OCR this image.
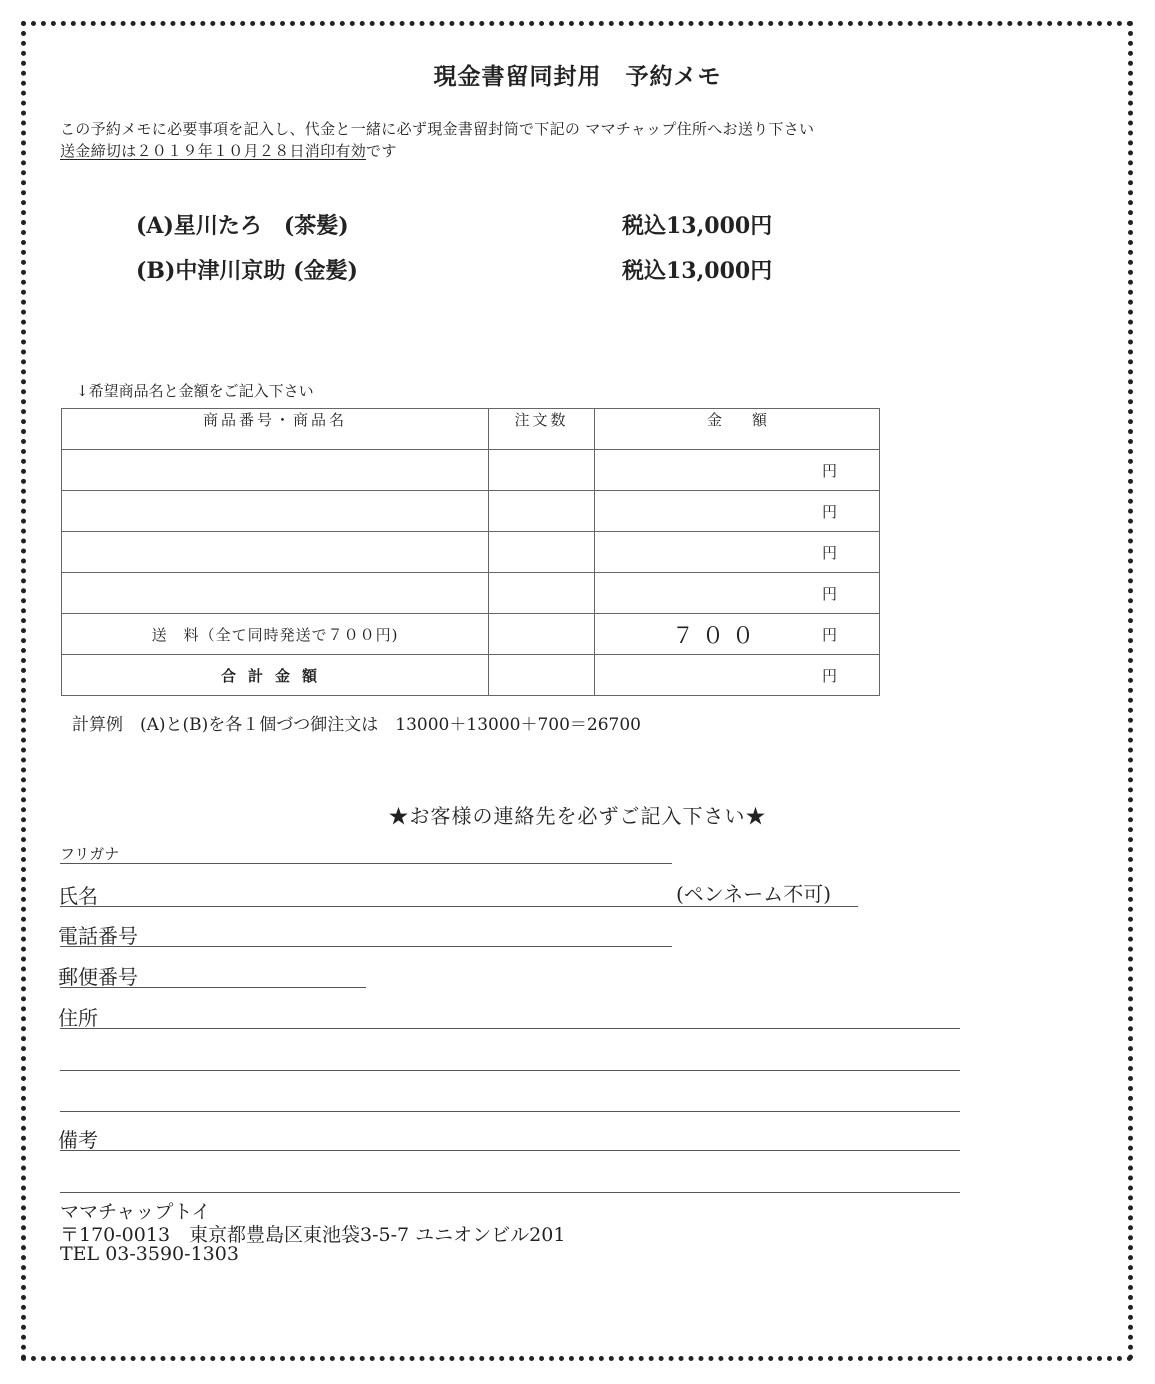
現金書留同封用　予約メモ
この予約メモに必要事項を記入し、代金と一緒に必ず現金書留封筒で下記の ママチャップ住所へお送り下さい
送金締切は２０１９年１０月２８日消印有効です
(A)星川たろ　(茶髪)	税込13,000円
(B)中津川京助 (金髪)	税込13,000円
↓希望商品名と金額をご記入下さい
商品番号・商品名	注文数	金　　額

		円

		円

		円

		円

送　料（全て同時発送で７００円)		７００ 円

合計金額		円
計算例　(A)と(B)を各１個づつ御注文は　13000＋13000＋700＝26700
★お客様の連絡先を必ずご記入下さい★
フリガナ
氏名	(ペンネーム不可)
電話番号
郵便番号
住所
備考
ママチャップトイ
〒170-0013　東京都豊島区東池袋3-5-7 ユニオンビル201
TEL 03-3590-1303
